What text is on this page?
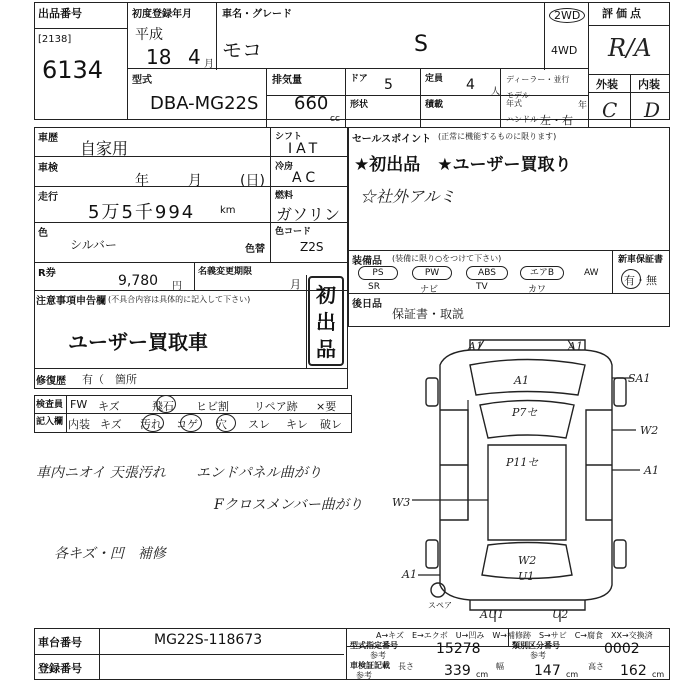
出品番号
[2138]
6134
初度登録年月
平成
18 4 月
車名・グレード
モコ	S
2WD
4WD
評価点
R/A
外装 内装
C D
型式
DBA-MG22S
排気量
660
cc
ドア 5
形状
定員 4 人
積載
ディーラー・並行
モデル年式	年
ハンドル 左・右
車歴
自家用
シフト
IAT
車検
年	月	(日)
冷房
AC
走行
5万5千994 km
燃料
ガソリン
色
シルバー	色替
色コード
Z2S
R券	9,780 円
名義変更期限
月
注意事項申告欄 (不具合内容は具体的に記入して下さい)
ユーザー買取車
初出品
修復歴 有（　箇所
セールスポイント (正常に機能するものに限ります)
★初出品　★ユーザー買取り
☆社外アルミ
装備品 (装備に限り○をつけて下さい)
PS	PW	ABS	エアB	AW
SR	ナビ	TV	カワ
新車保証書
有・無
後日品
保証書・取説
検査員
記入欄
FW キズ	飛石 ヒビ割 リペア跡 ×要
内装 キズ 汚れ コゲ 穴 スレ キレ 破レ
車内ニオイ 天張汚れ エンドパネル曲がり
Fクロスメンバー曲がり
各キズ・凹　補修
A1	A1
A1	SA1
W2
A1
W3
A1
W2
U1
AU1	U2
P7セ
P11セ
スペア
A→キズ　E→エクボ　U→凹み　W→補修跡　S→サビ　C→腐食　XX→交換済
車台番号	MG22S-118673
登録番号
型式指定番号
参考	15278	類別区分番号
参考	0002
車検証記載
参考
長さ 339 cm
幅 147 cm
高さ 162 cm
